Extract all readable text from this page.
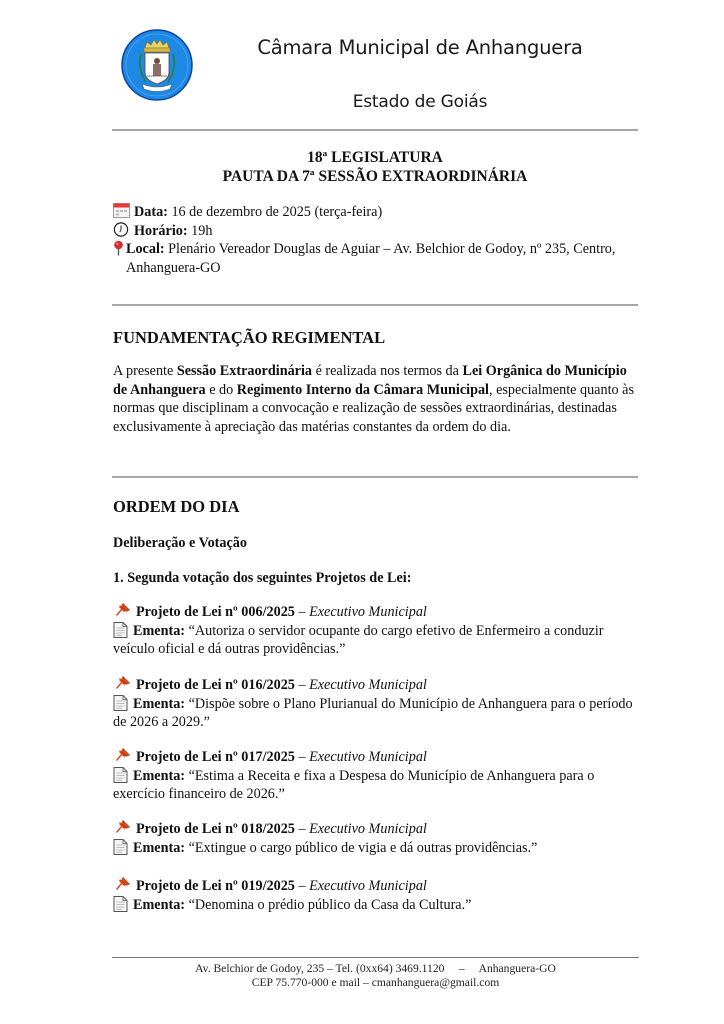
Câmara Municipal de Anhanguera
Estado de Goiás
18ª LEGISLATURA
PAUTA DA 7ª SESSÃO EXTRAORDINÁRIA
Data: 16 de dezembro de 2025 (terça-feira)
Horário: 19h
Local: Plenário Vereador Douglas de Aguiar – Av. Belchior de Godoy, nº 235, Centro, Anhanguera-GO
FUNDAMENTAÇÃO REGIMENTAL
A presente Sessão Extraordinária é realizada nos termos da Lei Orgânica do Município de Anhanguera e do Regimento Interno da Câmara Municipal, especialmente quanto às normas que disciplinam a convocação e realização de sessões extraordinárias, destinadas exclusivamente à apreciação das matérias constantes da ordem do dia.
ORDEM DO DIA
Deliberação e Votação
1. Segunda votação dos seguintes Projetos de Lei:
Projeto de Lei nº 006/2025 – Executivo Municipal
Ementa: “Autoriza o servidor ocupante do cargo efetivo de Enfermeiro a conduzir veículo oficial e dá outras providências.”
Projeto de Lei nº 016/2025 – Executivo Municipal
Ementa: “Dispõe sobre o Plano Plurianual do Município de Anhanguera para o período de 2026 a 2029.”
Projeto de Lei nº 017/2025 – Executivo Municipal
Ementa: “Estima a Receita e fixa a Despesa do Município de Anhanguera para o exercício financeiro de 2026.”
Projeto de Lei nº 018/2025 – Executivo Municipal
Ementa: “Extingue o cargo público de vigia e dá outras providências.”
Projeto de Lei nº 019/2025 – Executivo Municipal
Ementa: “Denomina o prédio público da Casa da Cultura.”
Av. Belchior de Godoy, 235 – Tel. (0xx64) 3469.1120     –     Anhanguera-GO
CEP 75.770-000 e mail – cmanhanguera@gmail.com
